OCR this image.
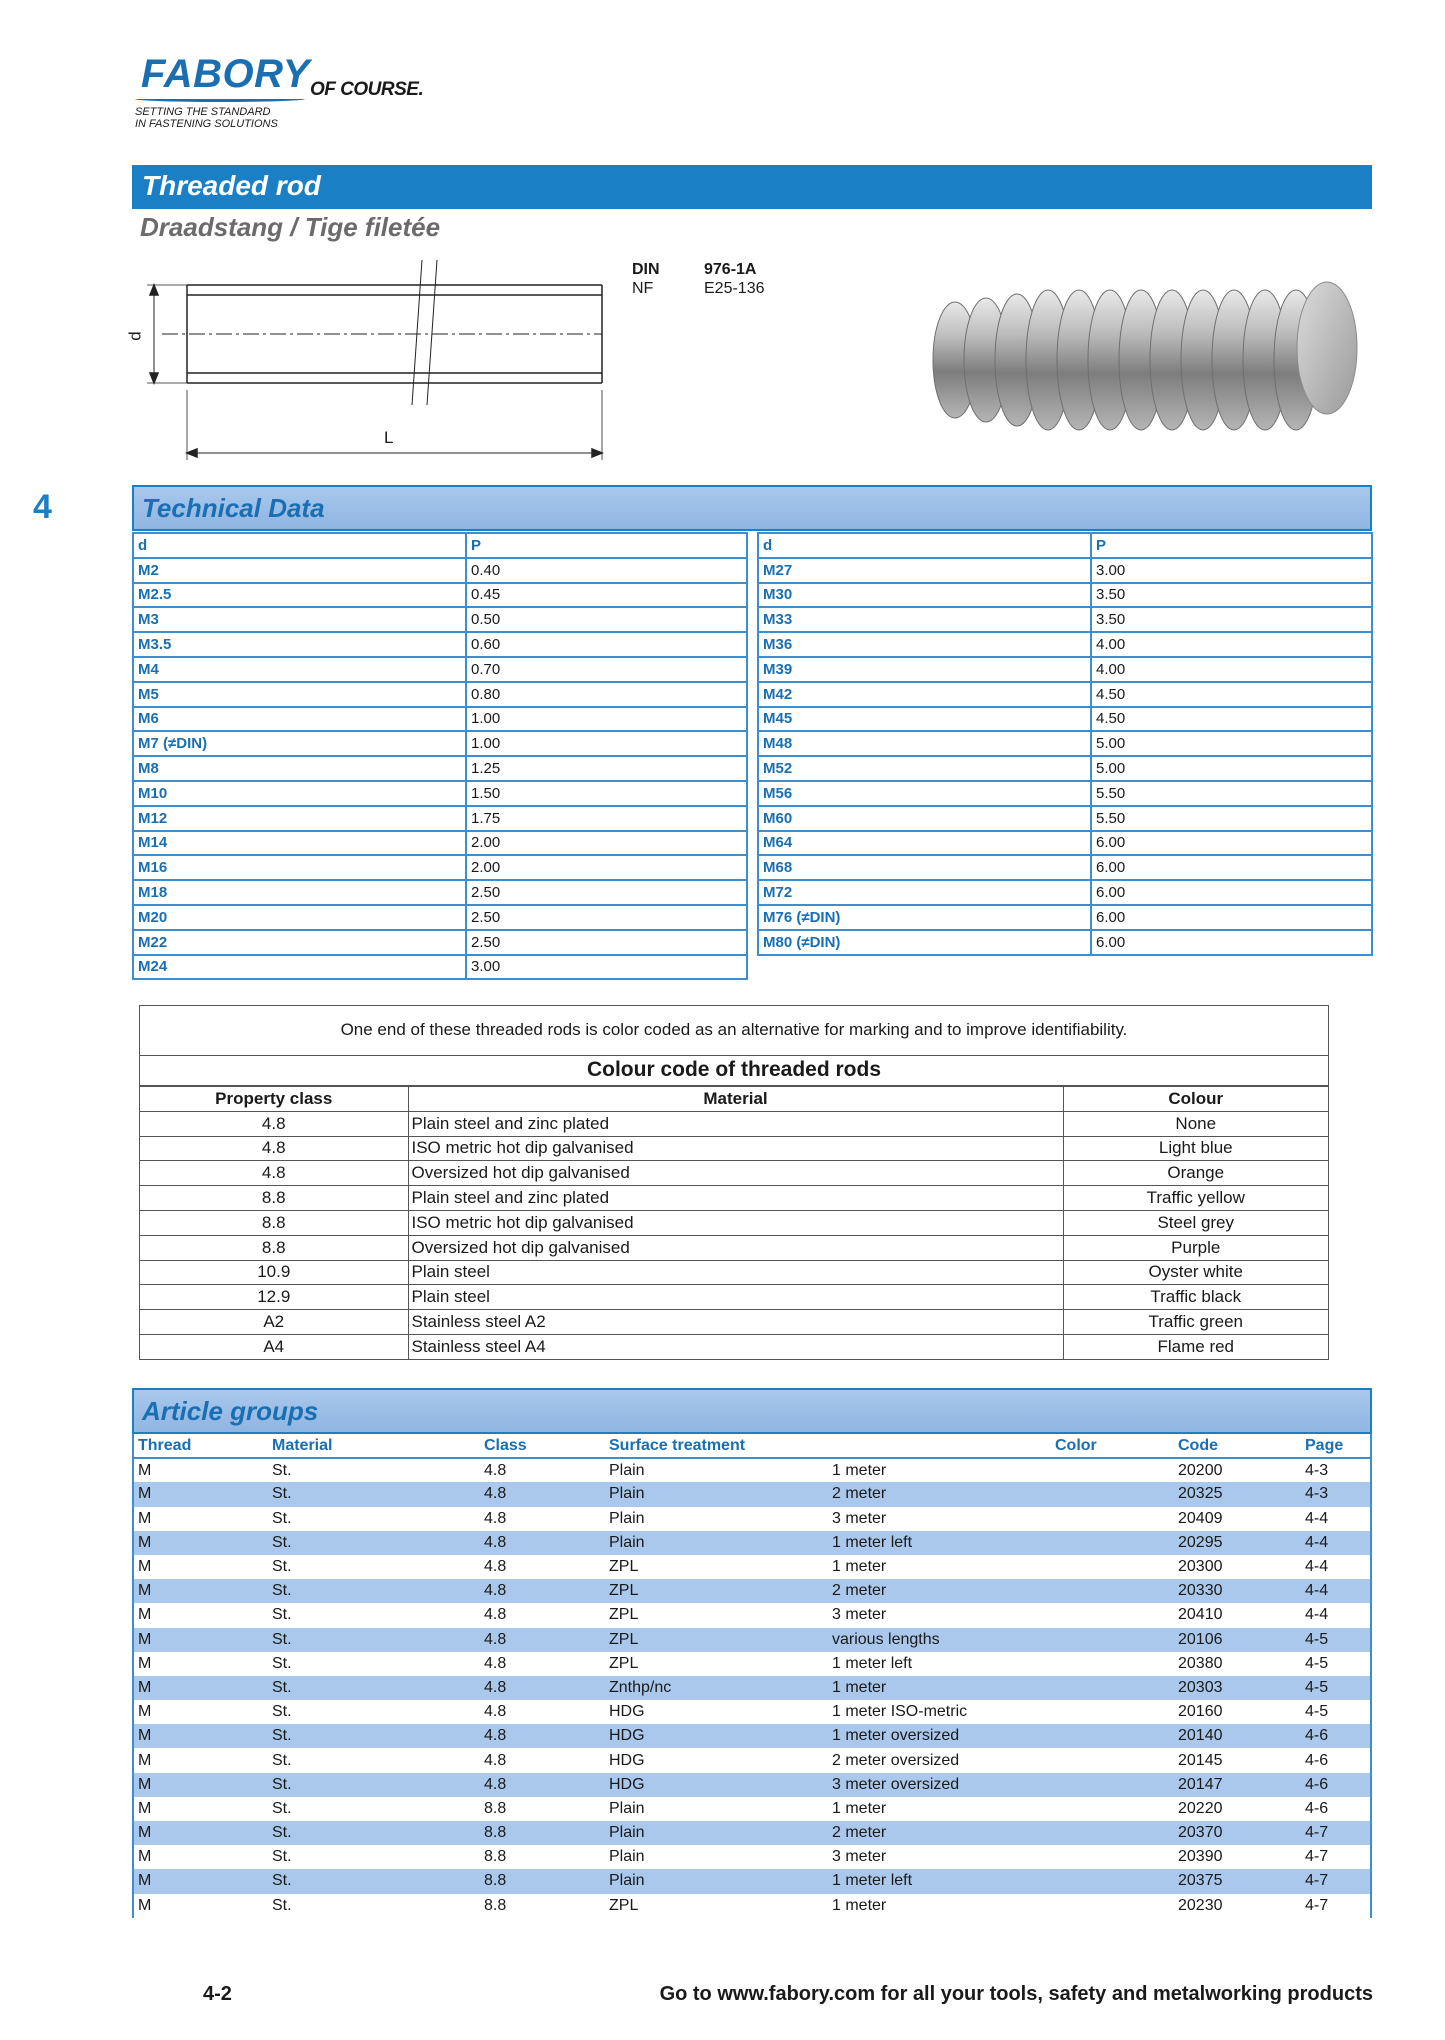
FABORY OF COURSE.
SETTING THE STANDARD
IN FASTENING SOLUTIONS
Threaded rod
Draadstang / Tige filetée
d
L
DIN	976-1A
NF	E25-136
4	Technical Data
d	P
M2	0.40
M2.5	0.45
M3	0.50
M3.5	0.60
M4	0.70
M5	0.80
M6	1.00
M7 (≠DIN)	1.00
M8	1.25
M10	1.50
M12	1.75
M14	2.00
M16	2.00
M18	2.50
M20	2.50
M22	2.50
M24	3.00
d	P
M27	3.00
M30	3.50
M33	3.50
M36	4.00
M39	4.00
M42	4.50
M45	4.50
M48	5.00
M52	5.00
M56	5.50
M60	5.50
M64	6.00
M68	6.00
M72	6.00
M76 (≠DIN)	6.00
M80 (≠DIN)	6.00
One end of these threaded rods is color coded as an alternative for marking and to improve identifiability.
Colour code of threaded rods
Property class	Material	Colour
4.8	Plain steel and zinc plated	None
4.8	ISO metric hot dip galvanised	Light blue
4.8	Oversized hot dip galvanised	Orange
8.8	Plain steel and zinc plated	Traffic yellow
8.8	ISO metric hot dip galvanised	Steel grey
8.8	Oversized hot dip galvanised	Purple
10.9	Plain steel	Oyster white
12.9	Plain steel	Traffic black
A2	Stainless steel A2	Traffic green
A4	Stainless steel A4	Flame red
Article groups
Thread	Material	Class	Surface treatment		Color	Code	Page
M	St.	4.8	Plain	1 meter		20200	4-3
M	St.	4.8	Plain	2 meter		20325	4-3
M	St.	4.8	Plain	3 meter		20409	4-4
M	St.	4.8	Plain	1 meter left		20295	4-4
M	St.	4.8	ZPL	1 meter		20300	4-4
M	St.	4.8	ZPL	2 meter		20330	4-4
M	St.	4.8	ZPL	3 meter		20410	4-4
M	St.	4.8	ZPL	various lengths		20106	4-5
M	St.	4.8	ZPL	1 meter left		20380	4-5
M	St.	4.8	Znthp/nc	1 meter		20303	4-5
M	St.	4.8	HDG	1 meter ISO-metric		20160	4-5
M	St.	4.8	HDG	1 meter oversized		20140	4-6
M	St.	4.8	HDG	2 meter oversized		20145	4-6
M	St.	4.8	HDG	3 meter oversized		20147	4-6
M	St.	8.8	Plain	1 meter		20220	4-6
M	St.	8.8	Plain	2 meter		20370	4-7
M	St.	8.8	Plain	3 meter		20390	4-7
M	St.	8.8	Plain	1 meter left		20375	4-7
M	St.	8.8	ZPL	1 meter		20230	4-7
4-2	Go to www.fabory.com for all your tools, safety and metalworking products
